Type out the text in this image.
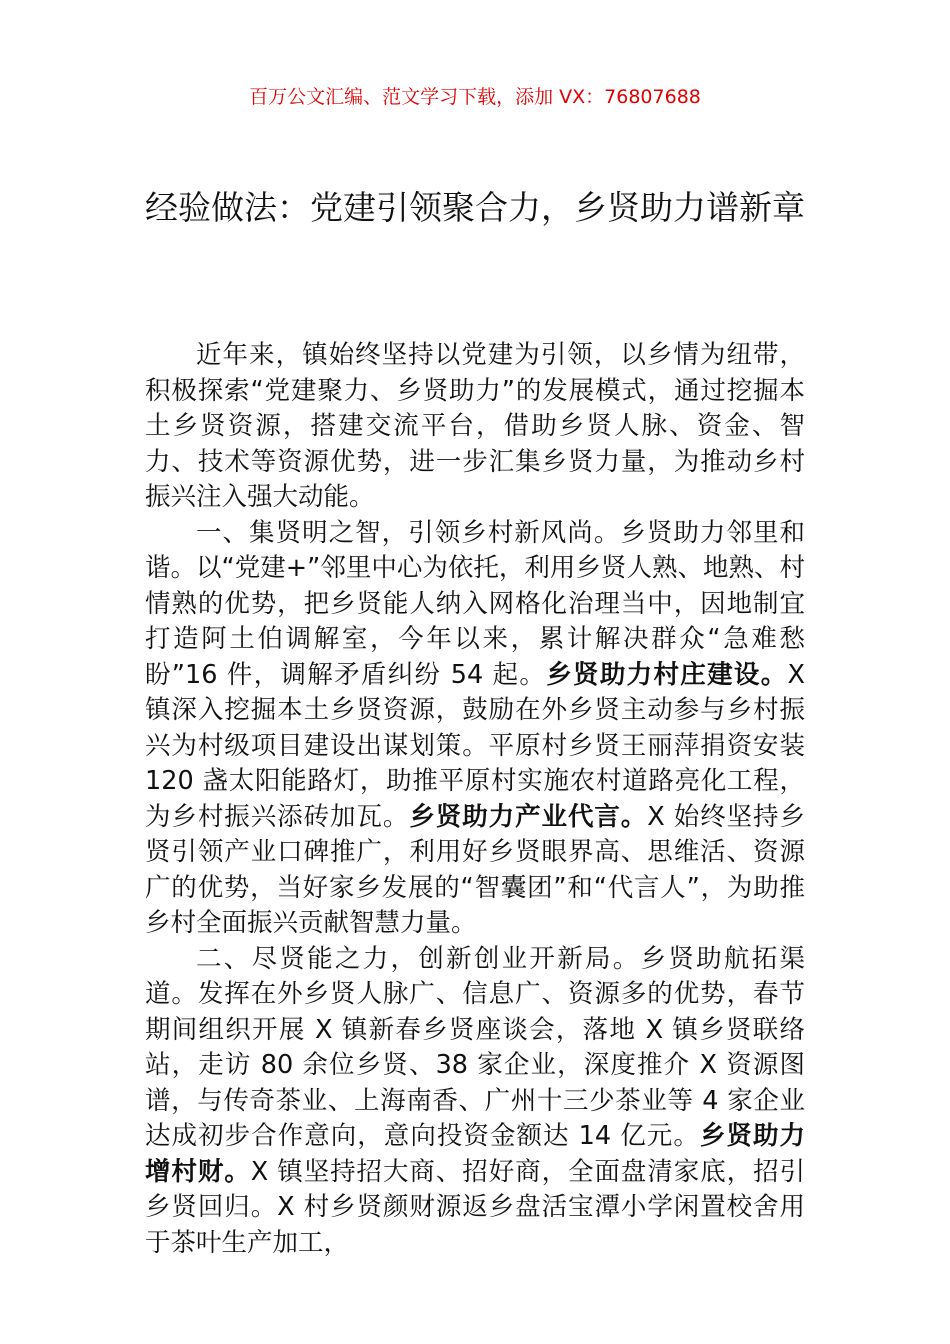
百万公文汇编、范文学习下载，添加 VX：76807688
经验做法：党建引领聚合力，乡贤助力谱新章

近年来，镇始终坚持以党建为引领，以乡情为纽带，积极探索“党建聚力、乡贤助力”的发展模式，通过挖掘本土乡贤资源，搭建交流平台，借助乡贤人脉、资金、智力、技术等资源优势，进一步汇集乡贤力量，为推动乡村振兴注入强大动能。

一、集贤明之智，引领乡村新风尚。乡贤助力邻里和谐。以“党建+”邻里中心为依托，利用乡贤人熟、地熟、村情熟的优势，把乡贤能人纳入网格化治理当中，因地制宜打造阿土伯调解室，今年以来，累计解决群众“急难愁盼”16 件，调解矛盾纠纷 54 起。乡贤助力村庄建设。X 镇深入挖掘本土乡贤资源，鼓励在外乡贤主动参与乡村振兴为村级项目建设出谋划策。平原村乡贤王丽萍捐资安装 120 盏太阳能路灯，助推平原村实施农村道路亮化工程，为乡村振兴添砖加瓦。乡贤助力产业代言。X 始终坚持乡贤引领产业口碑推广，利用好乡贤眼界高、思维活、资源广的优势，当好家乡发展的“智囊团”和“代言人”，为助推乡村全面振兴贡献智慧力量。

二、尽贤能之力，创新创业开新局。乡贤助航拓渠道。发挥在外乡贤人脉广、信息广、资源多的优势，春节期间组织开展 X 镇新春乡贤座谈会，落地 X 镇乡贤联络站，走访 80 余位乡贤、38 家企业，深度推介 X 资源图谱，与传奇茶业、上海南香、广州十三少茶业等 4 家企业达成初步合作意向，意向投资金额达 14 亿元。乡贤助力增村财。X 镇坚持招大商、招好商，全面盘清家底，招引乡贤回归。X 村乡贤颜财源返乡盘活宝潭小学闲置校舍用于茶叶生产加工，
